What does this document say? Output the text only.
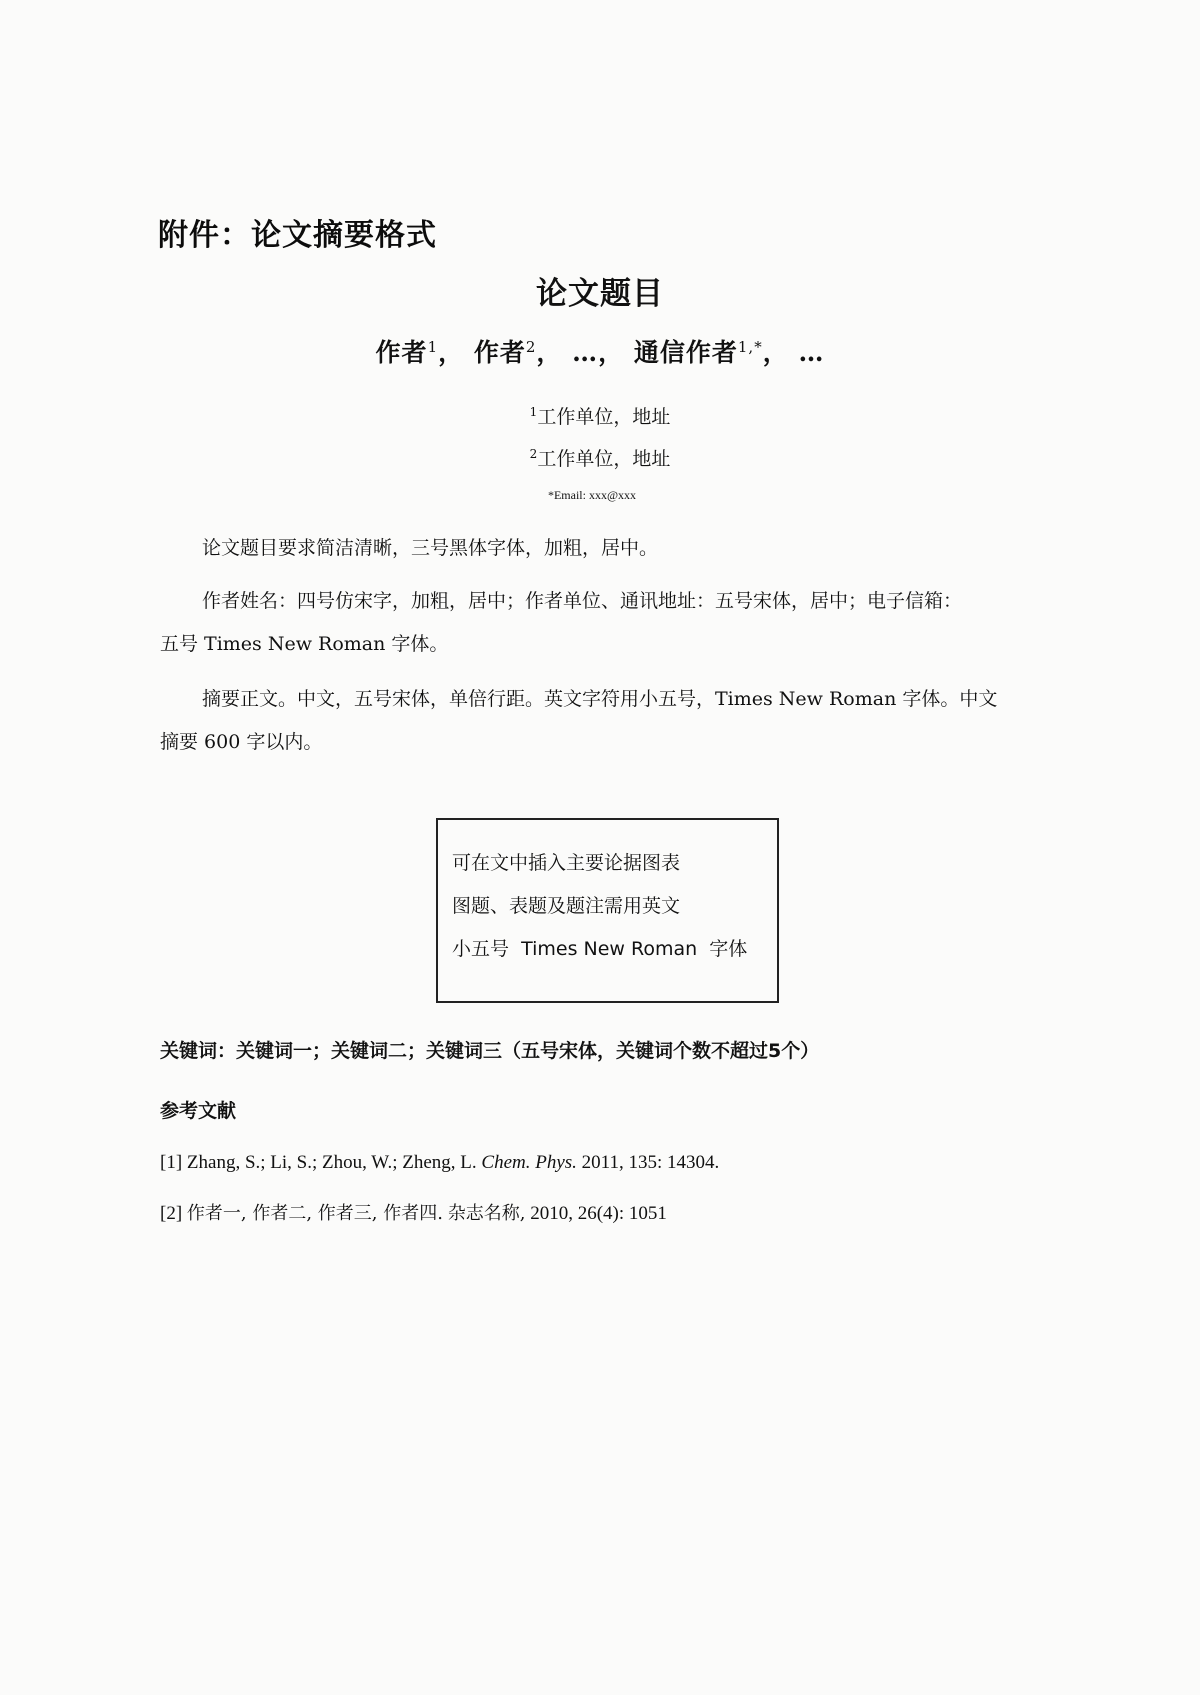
附件：论文摘要格式
论文题目
作者$^1$， 作者$^2$， …， 通信作者$^{1,*}$， …
$^1$工作单位，地址
$^2$工作单位，地址
*Email: xxx@xxx
论文题目要求简洁清晰，三号黑体字体，加粗，居中。
作者姓名：四号仿宋字，加粗，居中；作者单位、通讯地址：五号宋体，居中；电子信箱：
五号 Times New Roman 字体。
摘要正文。中文，五号宋体，单倍行距。英文字符用小五号，Times New Roman 字体。中文
摘要 600 字以内。
可在文中插入主要论据图表
图题、表题及题注需用英文
小五号  Times New Roman  字体
关键词：关键词一；关键词二；关键词三（五号宋体，关键词个数不超过5个）
参考文献
[1] Zhang, S.; Li, S.; Zhou, W.; Zheng, L. Chem. Phys. 2011, 135: 14304.
[2] 作者一, 作者二, 作者三, 作者四. 杂志名称, 2010, 26(4): 1051
